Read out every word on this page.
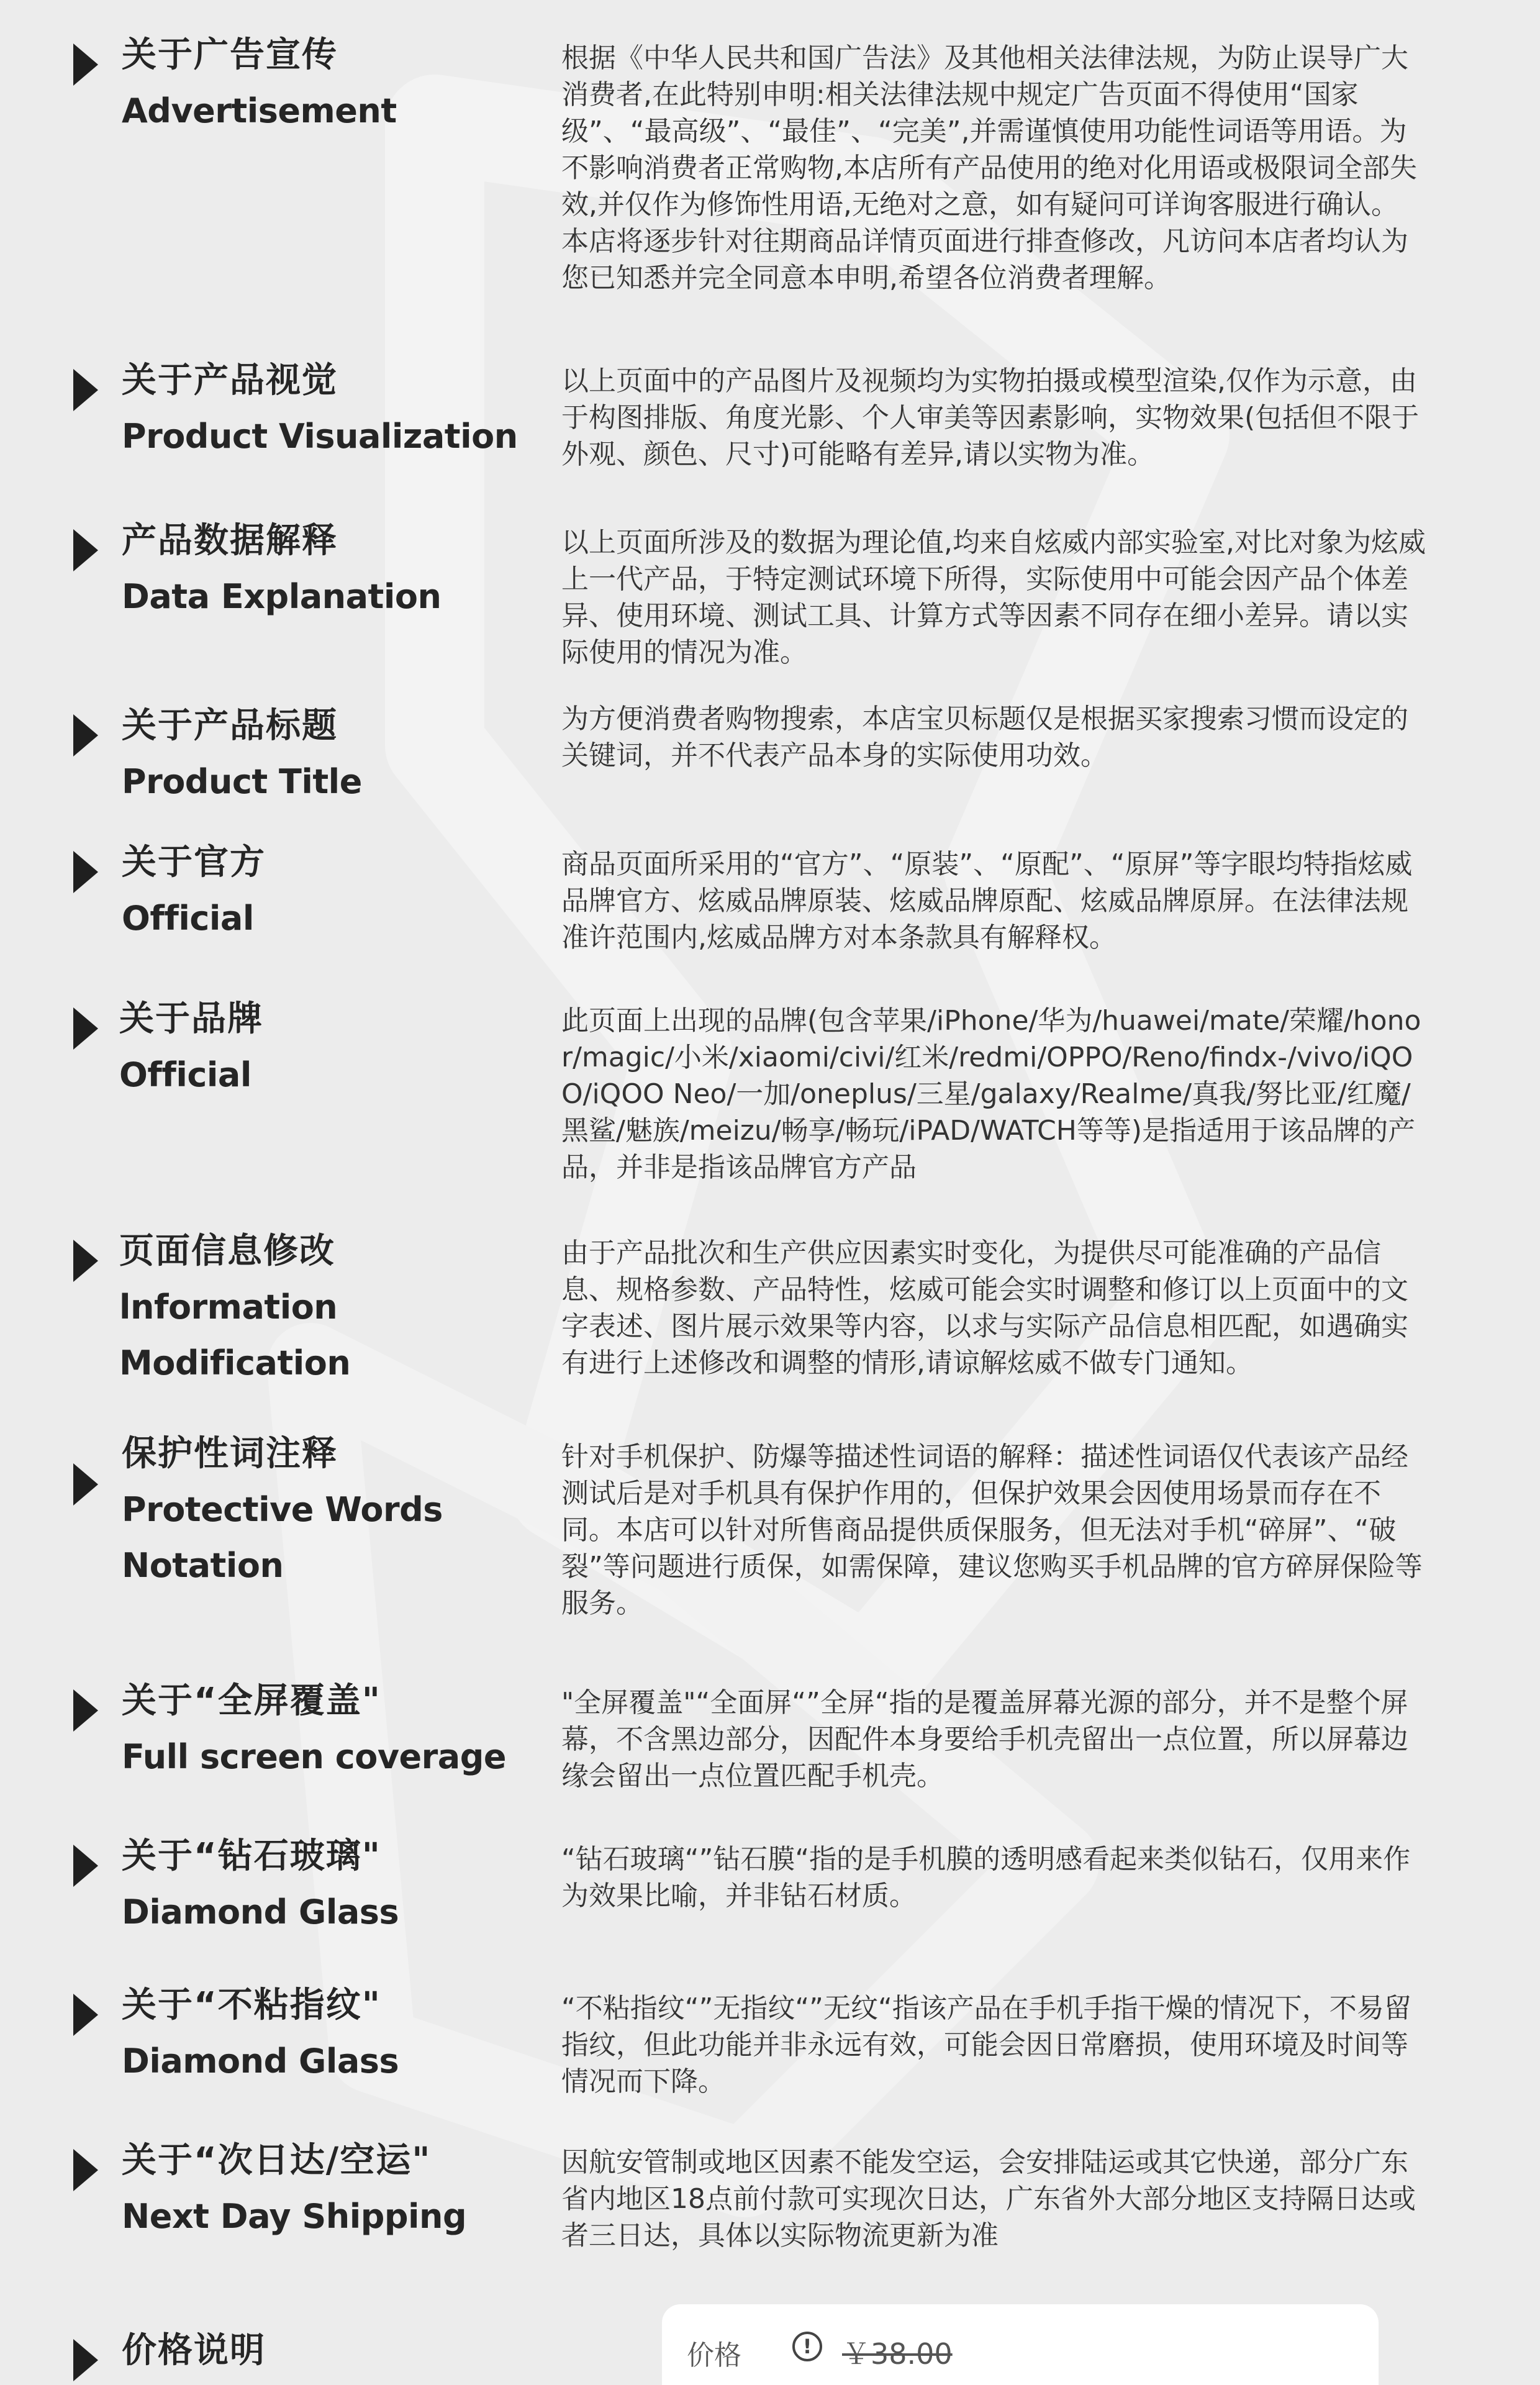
关于广告宣传
Advertisement

根据《中华人民共和国广告法》及其他相关法律法规，为防止误导广大消费者,在此特别申明:相关法律法规中规定广告页面不得使用“国家级”、“最高级”、“最佳”、“完美”,并需谨慎使用功能性词语等用语。为不影响消费者正常购物,本店所有产品使用的绝对化用语或极限词全部失效,并仅作为修饰性用语,无绝对之意，如有疑问可详询客服进行确认。

本店将逐步针对往期商品详情页面进行排查修改，凡访问本店者均认为您已知悉并完全同意本申明,希望各位消费者理解。

关于产品视觉
Product Visualization

以上页面中的产品图片及视频均为实物拍摄或模型渲染,仅作为示意，由于构图排版、角度光影、个人审美等因素影响，实物效果(包括但不限于外观、颜色、尺寸)可能略有差异,请以实物为准。

产品数据解释
Data Explanation

以上页面所涉及的数据为理论值,均来自炫威内部实验室,对比对象为炫威上一代产品，于特定测试环境下所得，实际使用中可能会因产品个体差异、使用环境、测试工具、计算方式等因素不同存在细小差异。请以实际使用的情况为准。

关于产品标题
Product Title

为方便消费者购物搜索，本店宝贝标题仅是根据买家搜索习惯而设定的关键词，并不代表产品本身的实际使用功效。

关于官方
Official

商品页面所采用的“官方”、“原装”、“原配”、“原屏”等字眼均特指炫威品牌官方、炫威品牌原装、炫威品牌原配、炫威品牌原屏。在法律法规准许范围内,炫威品牌方对本条款具有解释权。

关于品牌
Official

此页面上出现的品牌(包含苹果/iPhone/华为/huawei/mate/荣耀/honor/magic/小米/xiaomi/civi/红米/redmi/OPPO/Reno/findx-/vivo/iQOO/iQOO Neo/一加/oneplus/三星/galaxy/Realme/真我/努比亚/红魔/黑鲨/魅族/meizu/畅享/畅玩/iPAD/WATCH等等)是指适用于该品牌的产品，并非是指该品牌官方产品

页面信息修改
lnformation
Modification

由于产品批次和生产供应因素实时变化，为提供尽可能准确的产品信息、规格参数、产品特性，炫威可能会实时调整和修订以上页面中的文字表述、图片展示效果等内容，以求与实际产品信息相匹配，如遇确实有进行上述修改和调整的情形,请谅解炫威不做专门通知。

保护性词注释
Protective Words
Notation

针对手机保护、防爆等描述性词语的解释：描述性词语仅代表该产品经测试后是对手机具有保护作用的，但保护效果会因使用场景而存在不同。本店可以针对所售商品提供质保服务，但无法对手机“碎屏”、“破裂”等问题进行质保，如需保障，建议您购买手机品牌的官方碎屏保险等服务。

关于“全屏覆盖"
Full screen coverage

"全屏覆盖"“全面屏“”全屏“指的是覆盖屏幕光源的部分，并不是整个屏幕，不含黑边部分，因配件本身要给手机壳留出一点位置，所以屏幕边缘会留出一点位置匹配手机壳。

关于“钻石玻璃"
Diamond Glass

“钻石玻璃“”钻石膜“指的是手机膜的透明感看起来类似钻石，仅用来作为效果比喻，并非钻石材质。

关于“不粘指纹"
Diamond Glass

“不粘指纹“”无指纹“”无纹“指该产品在手机手指干燥的情况下，不易留指纹，但此功能并非永远有效，可能会因日常磨损，使用环境及时间等情况而下降。

关于“次日达/空运"
Next Day Shipping

因航安管制或地区因素不能发空运，会安排陆运或其它快递，部分广东省内地区18点前付款可实现次日达，广东省外大部分地区支持隔日达或者三日达，具体以实际物流更新为准

价格说明	价格	!	￥38.00
